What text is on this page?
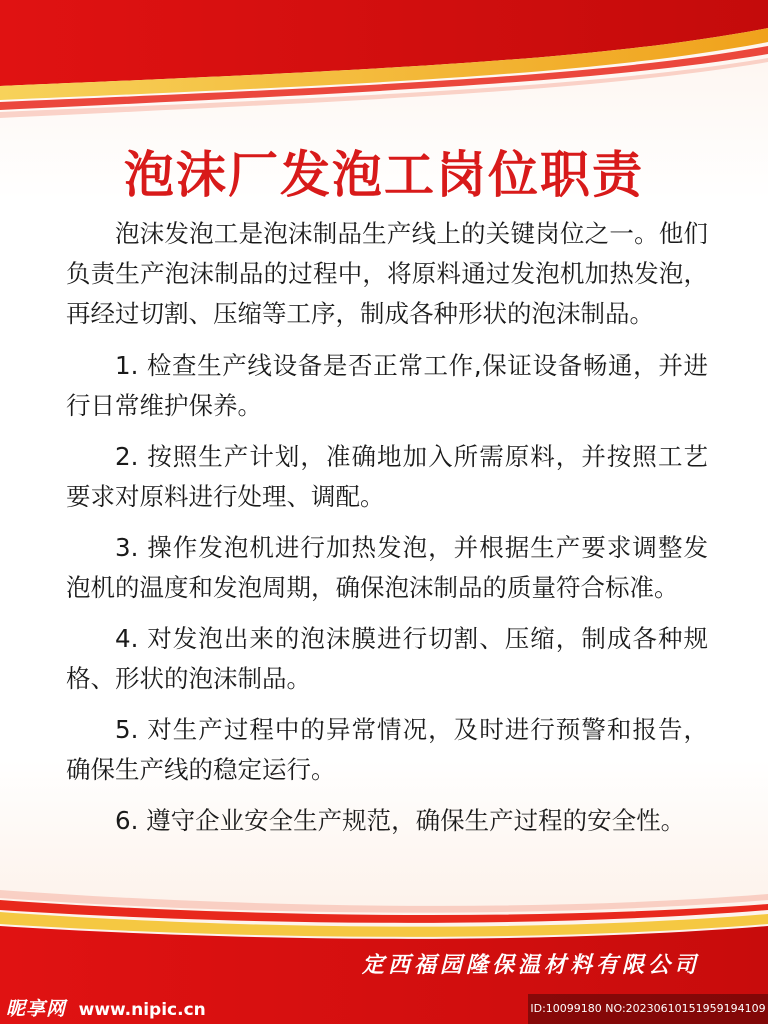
泡沫厂发泡工岗位职责

泡沫发泡工是泡沫制品生产线上的关键岗位之一。他们负责生产泡沫制品的过程中，将原料通过发泡机加热发泡，再经过切割、压缩等工序，制成各种形状的泡沫制品。

1. 检查生产线设备是否正常工作,保证设备畅通，并进行日常维护保养。

2. 按照生产计划，准确地加入所需原料，并按照工艺要求对原料进行处理、调配。

3. 操作发泡机进行加热发泡，并根据生产要求调整发泡机的温度和发泡周期，确保泡沫制品的质量符合标准。

4. 对发泡出来的泡沫膜进行切割、压缩，制成各种规格、形状的泡沫制品。

5. 对生产过程中的异常情况，及时进行预警和报告，确保生产线的稳定运行。

6. 遵守企业安全生产规范，确保生产过程的安全性。

定西福园隆保温材料有限公司
昵享网 www.nipic.cn	ID:10099180 NO:20230610151959194109
